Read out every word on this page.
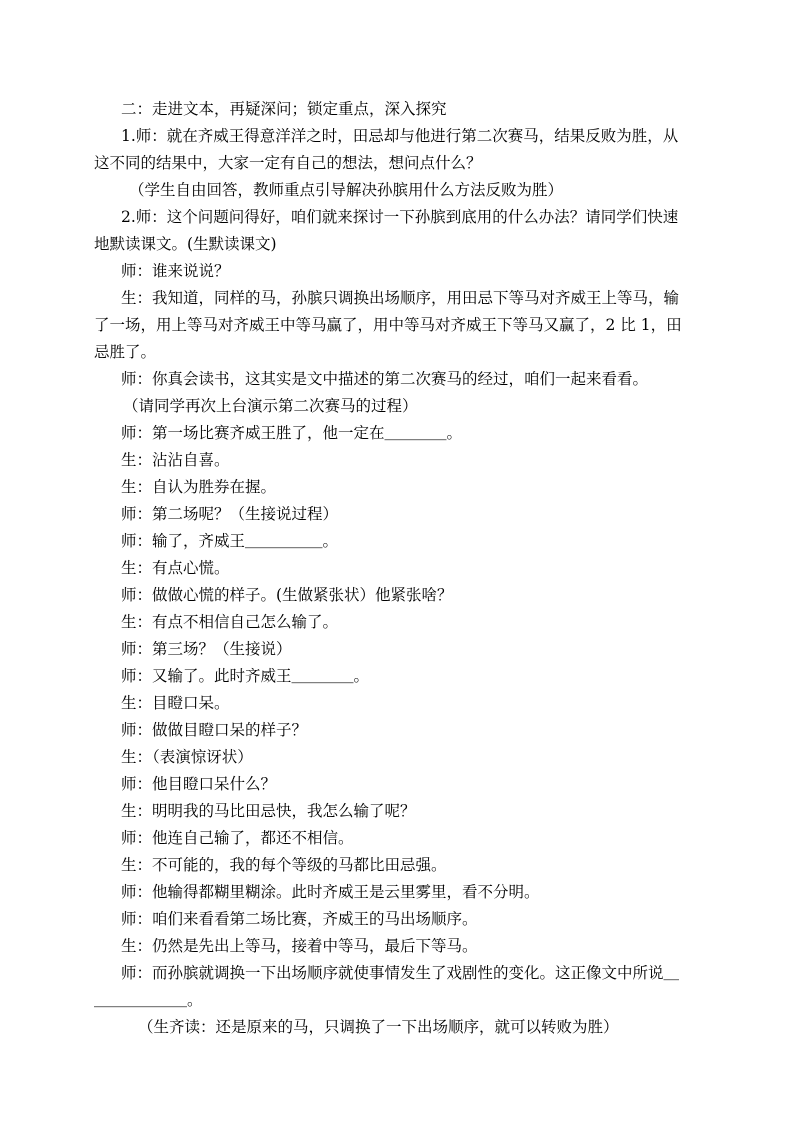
二：走进文本，再疑深问；锁定重点，深入探究
1.师：就在齐威王得意洋洋之时，田忌却与他进行第二次赛马，结果反败为胜，从
这不同的结果中，大家一定有自己的想法，想问点什么？
（学生自由回答，教师重点引导解决孙膑用什么方法反败为胜）
2.师：这个问题问得好，咱们就来探讨一下孙膑到底用的什么办法？请同学们快速
地默读课文。(生默读课文)
师：谁来说说？
生：我知道，同样的马，孙膑只调换出场顺序，用田忌下等马对齐威王上等马，输
了一场，用上等马对齐威王中等马赢了，用中等马对齐威王下等马又赢了，2 比 1，田
忌胜了。
师：你真会读书，这其实是文中描述的第二次赛马的经过，咱们一起来看看。
（请同学再次上台演示第二次赛马的过程）
师：第一场比赛齐威王胜了，他一定在＿＿＿＿。
生：沾沾自喜。
生：自认为胜券在握。
师：第二场呢？（生接说过程）
师：输了，齐威王＿＿＿＿＿。
生：有点心慌。
师：做做心慌的样子。(生做紧张状）他紧张啥？
生：有点不相信自己怎么输了。
师：第三场？（生接说）
师：又输了。此时齐威王＿＿＿＿。
生：目瞪口呆。
师：做做目瞪口呆的样子？
生：（表演惊讶状）
师：他目瞪口呆什么？
生：明明我的马比田忌快，我怎么输了呢？
师：他连自己输了，都还不相信。
生：不可能的，我的每个等级的马都比田忌强。
师：他输得都糊里糊涂。此时齐威王是云里雾里，看不分明。
师：咱们来看看第二场比赛，齐威王的马出场顺序。
生：仍然是先出上等马，接着中等马，最后下等马。
师：而孙膑就调换一下出场顺序就使事情发生了戏剧性的变化。这正像文中所说＿
＿＿＿＿＿＿。
（生齐读：还是原来的马，只调换了一下出场顺序，就可以转败为胜）
